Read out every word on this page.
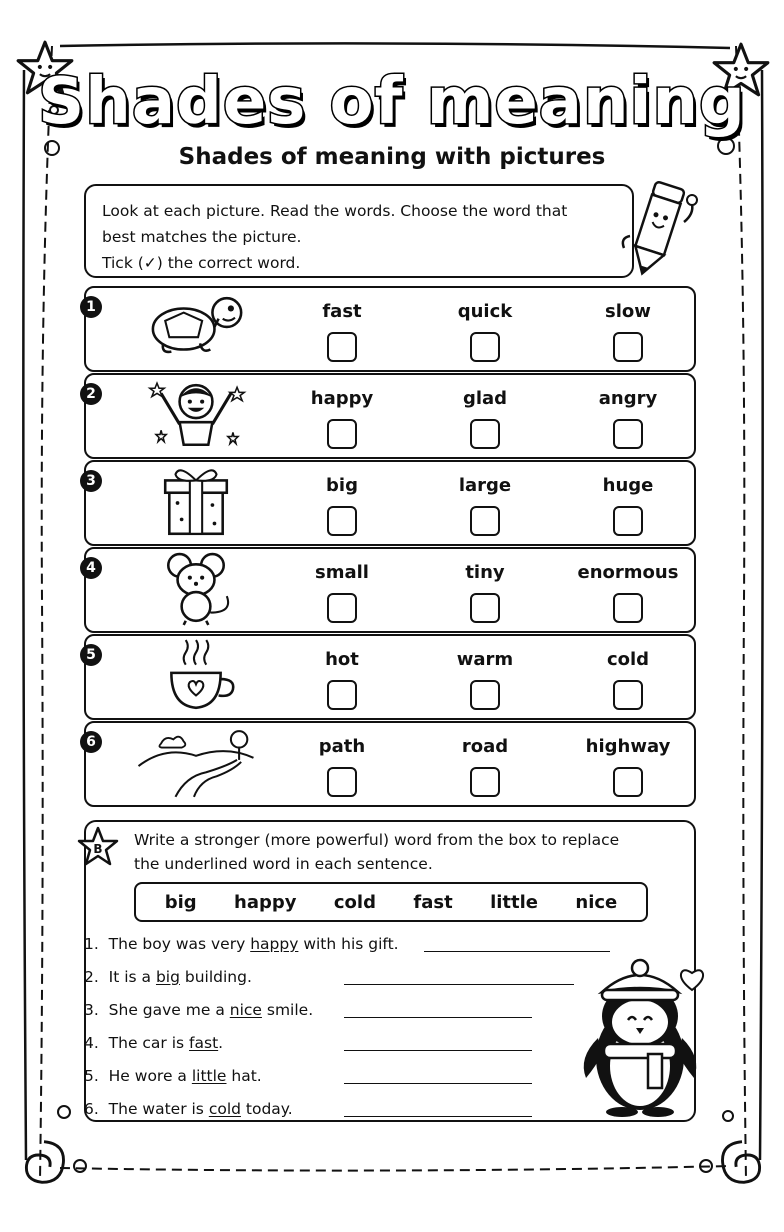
Shades of meaning
Shades of meaning with pictures

Look at each picture. Read the words. Choose the word that

best matches the picture.

Tick (✓) the correct word.

1	fast	quick	slow
2	happy	glad	angry
3	big	large	huge
4	small	tiny	enormous
5	hot	warm	cold
6	path	road	highway
B Write a stronger (more powerful) word from the box to replace

the underlined word in each sentence.

big happy cold fast little nice
1. The boy was very happy with his gift.
2. It is a big building.
3. She gave me a nice smile.
4. The car is fast.
5. He wore a little hat.
6. The water is cold today.
